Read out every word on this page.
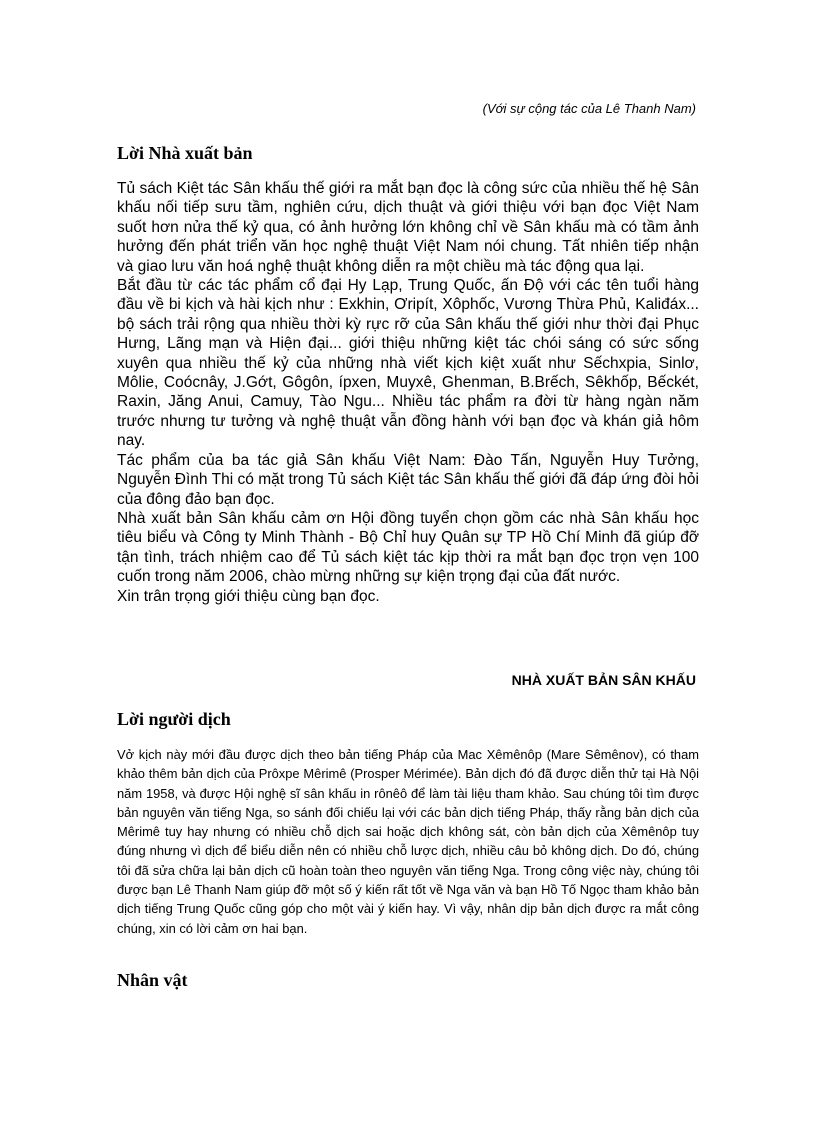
(Với sự cộng tác của Lê Thanh Nam)
Lời Nhà xuất bản

Tủ sách Kiệt tác Sân khấu thế giới ra mắt bạn đọc là công sức của nhiều thế hệ Sân khấu nối tiếp sưu tầm, nghiên cứu, dịch thuật và giới thiệu với bạn đọc Việt Nam suốt hơn nửa thế kỷ qua, có ảnh hưởng lớn không chỉ về Sân khấu mà có tầm ảnh hưởng đến phát triển văn học nghệ thuật Việt Nam nói chung. Tất nhiên tiếp nhận và giao lưu văn hoá nghệ thuật không diễn ra một chiều mà tác động qua lại.

Bắt đầu từ các tác phẩm cổ đại Hy Lạp, Trung Quốc, ấn Độ với các tên tuổi hàng đầu về bi kịch và hài kịch như : Exkhin, Ơripít, Xôphốc, Vương Thừa Phủ, Kaliđáx... bộ sách trải rộng qua nhiều thời kỳ rực rỡ của Sân khấu thế giới như thời đại Phục Hưng, Lãng mạn và Hiện đại... giới thiệu những kiệt tác chói sáng có sức sống xuyên qua nhiều thế kỷ của những nhà viết kịch kiệt xuất như Sếchxpia, Sinlơ, Môlie, Coócnây, J.Gớt, Gôgôn, ípxen, Muyxê, Ghenman, B.Brếch, Sêkhốp, Bếckét, Raxin, Jăng Anui, Camuy, Tào Ngu... Nhiều tác phẩm ra đời từ hàng ngàn năm trước nhưng tư tưởng và nghệ thuật vẫn đồng hành với bạn đọc và khán giả hôm nay.

Tác phẩm của ba tác giả Sân khấu Việt Nam: Đào Tấn, Nguyễn Huy Tưởng, Nguyễn Đình Thi có mặt trong Tủ sách Kiệt tác Sân khấu thế giới đã đáp ứng đòi hỏi của đông đảo bạn đọc.

Nhà xuất bản Sân khấu cảm ơn Hội đồng tuyển chọn gồm các nhà Sân khấu học tiêu biểu và Công ty Minh Thành - Bộ Chỉ huy Quân sự TP Hồ Chí Minh đã giúp đỡ tận tình, trách nhiệm cao để Tủ sách kiệt tác kịp thời ra mắt bạn đọc trọn vẹn 100 cuốn trong năm 2006, chào mừng những sự kiện trọng đại của đất nước.

Xin trân trọng giới thiệu cùng bạn đọc.

NHÀ XUẤT BẢN SÂN KHẤU
Lời người dịch

Vở kịch này mới đầu được dịch theo bản tiếng Pháp của Mac Xêmênôp (Mare Sêmênov), có tham khảo thêm bản dịch của Prôxpe Mêrimê (Prosper Mérimée). Bản dịch đó đã được diễn thử tại Hà Nội năm 1958, và được Hội nghệ sĩ sân khấu in rônêô để làm tài liệu tham khảo. Sau chúng tôi tìm được bản nguyên văn tiếng Nga, so sánh đối chiếu lại với các bản dịch tiếng Pháp, thấy rằng bản dịch của Mêrimê tuy hay nhưng có nhiều chỗ dịch sai hoặc dịch không sát, còn bản dịch của Xêmênôp tuy đúng nhưng vì dịch để biểu diễn nên có nhiều chỗ lược dịch, nhiều câu bỏ không dịch. Do đó, chúng tôi đã sửa chữa lại bản dịch cũ hoàn toàn theo nguyên văn tiếng Nga. Trong công việc này, chúng tôi được bạn Lê Thanh Nam giúp đỡ một số ý kiến rất tốt về Nga văn và bạn Hồ Tố Ngọc tham khảo bản dịch tiếng Trung Quốc cũng góp cho một vài ý kiến hay. Vì vậy, nhân dịp bản dịch được ra mắt công chúng, xin có lời cảm ơn hai bạn.

Nhân vật
